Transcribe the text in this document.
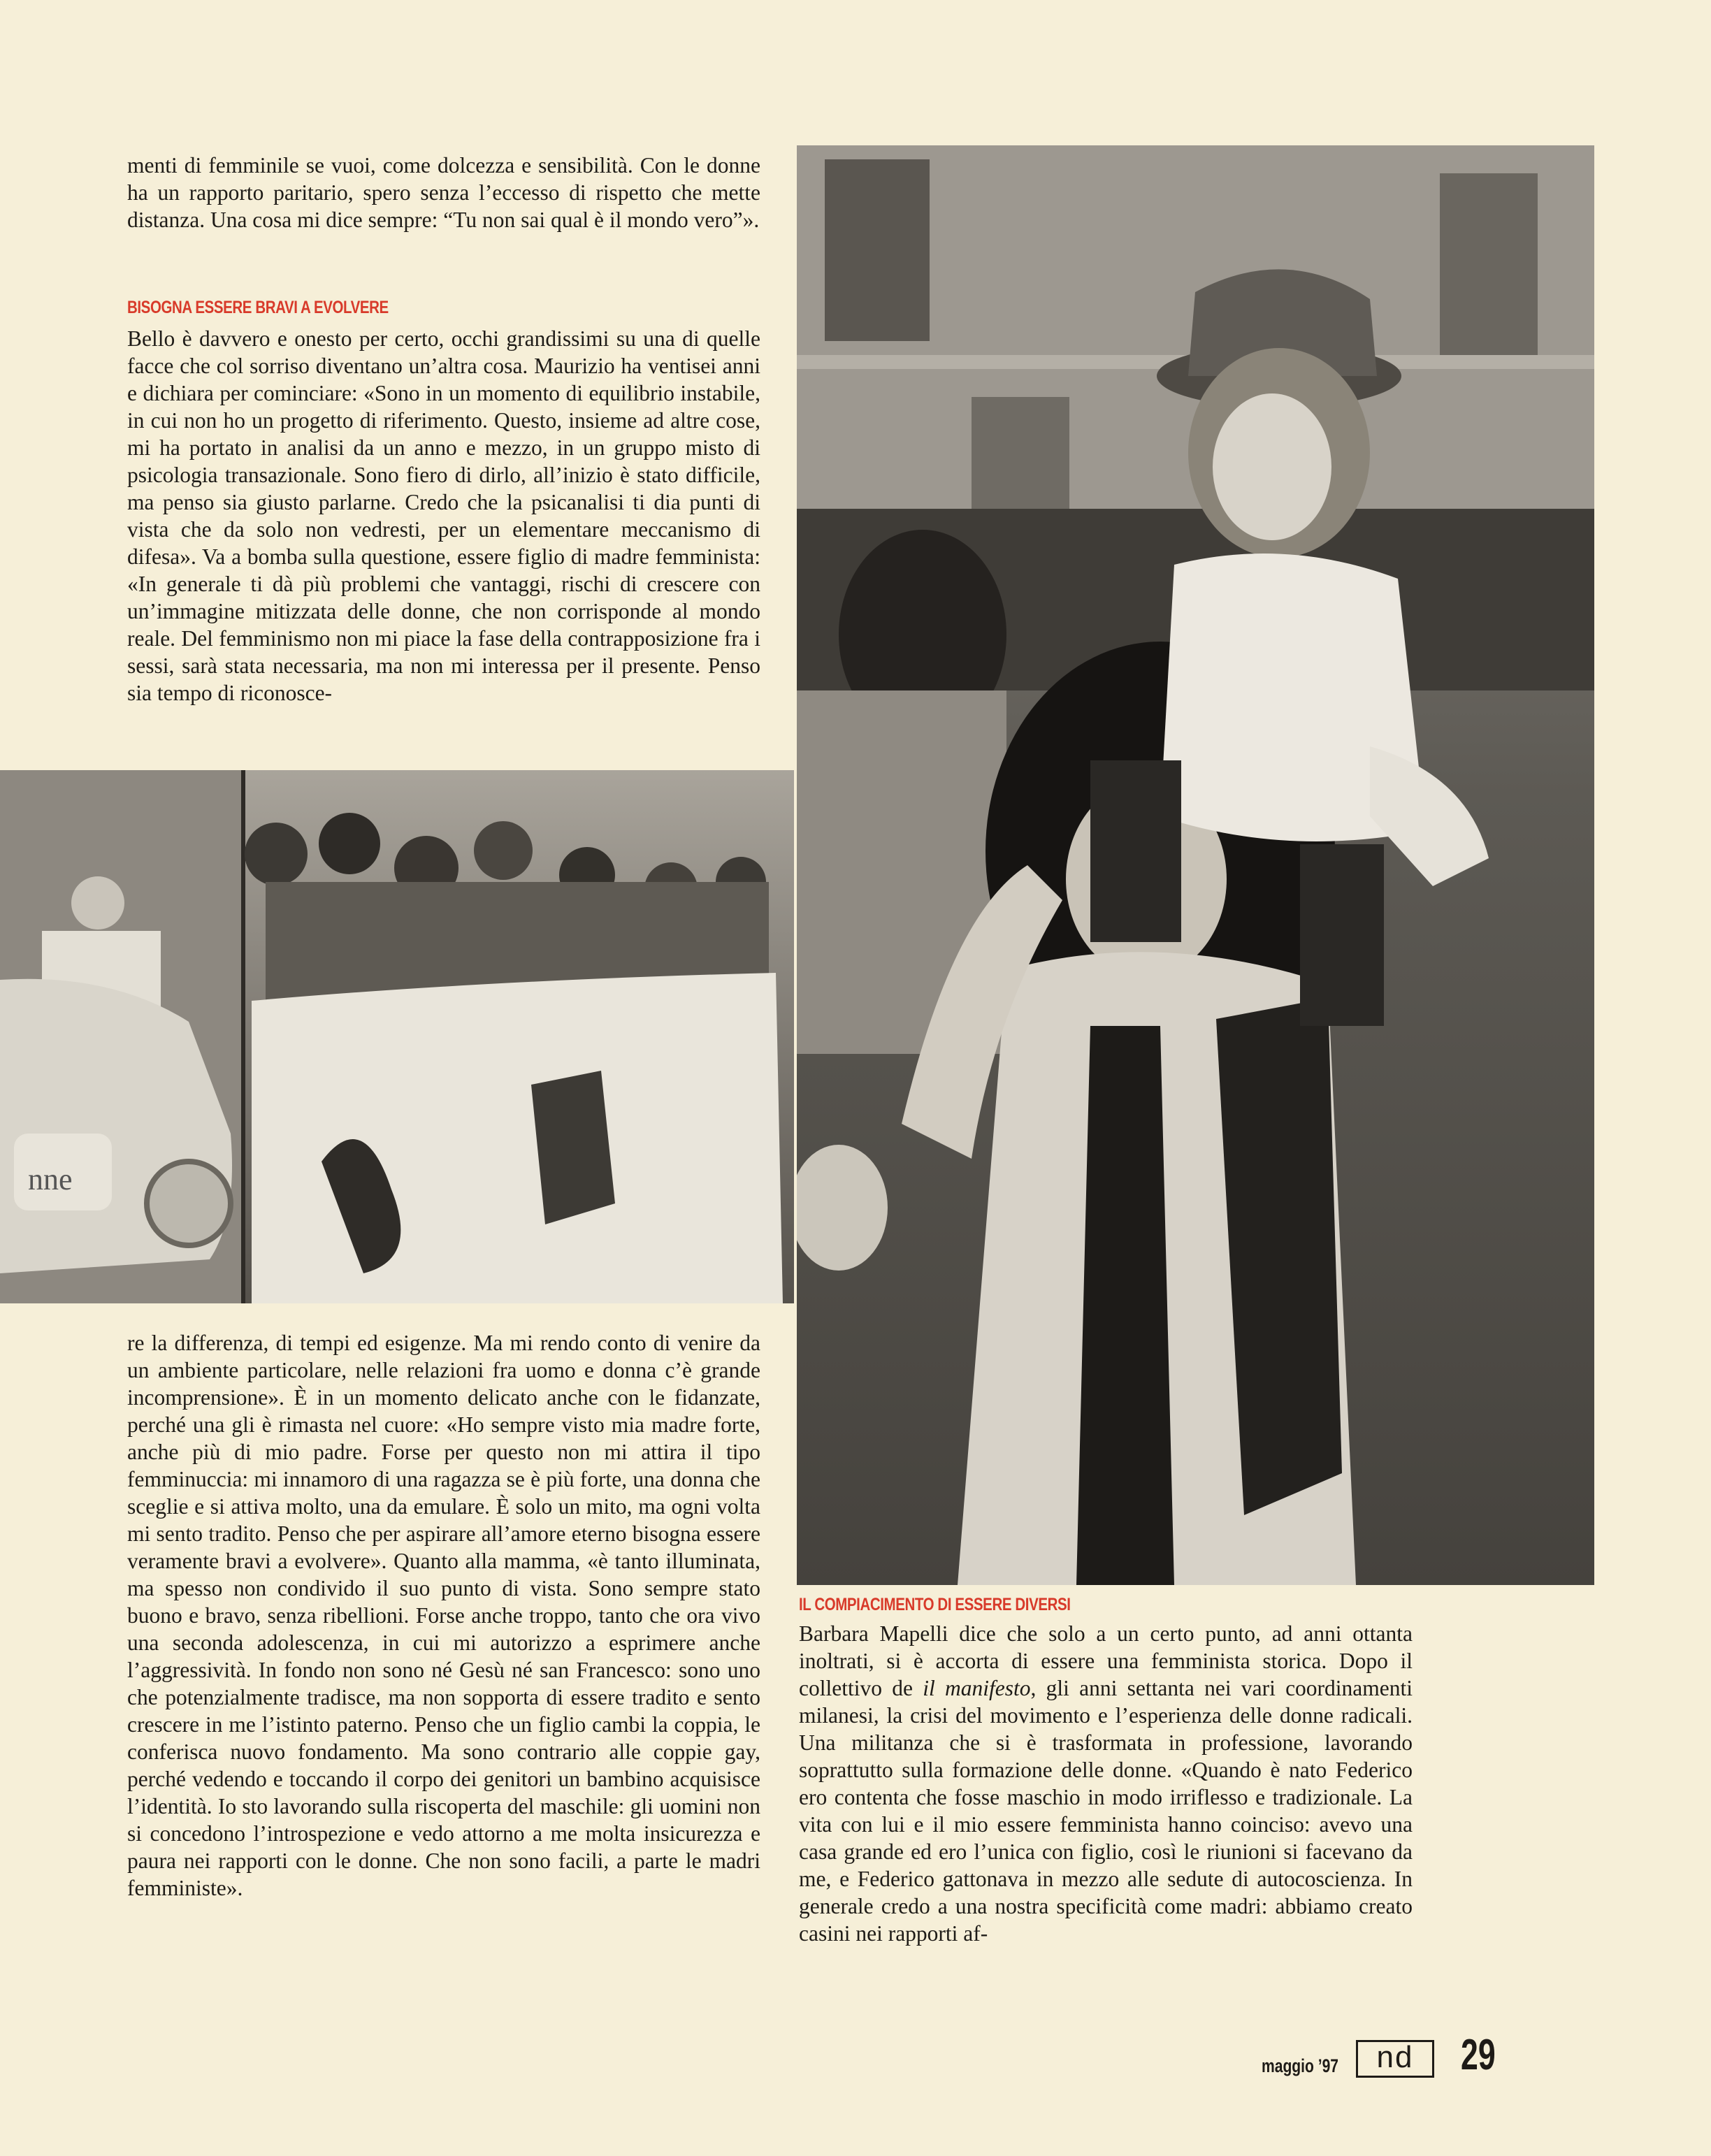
menti di femminile se vuoi, come dolcezza e sensibilità. Con le donne ha un rapporto paritario, spero senza l’eccesso di rispetto che mette distanza. Una cosa mi dice sempre: “Tu non sai qual è il mondo vero”».

BISOGNA ESSERE BRAVI A EVOLVERE

Bello è davvero e onesto per certo, occhi grandissimi su una di quelle facce che col sorriso diventano un’altra cosa. Maurizio ha ventisei anni e dichiara per cominciare: «Sono in un momento di equilibrio instabile, in cui non ho un progetto di riferimento. Questo, insieme ad altre cose, mi ha portato in analisi da un anno e mezzo, in un gruppo misto di psicologia transazionale. Sono fiero di dirlo, all’inizio è stato difficile, ma penso sia giusto parlarne. Credo che la psicanalisi ti dia punti di vista che da solo non vedresti, per un elementare meccanismo di difesa». Va a bomba sulla questione, essere figlio di madre femminista: «In generale ti dà più problemi che vantaggi, rischi di crescere con un’immagine mitizzata delle donne, che non corrisponde al mondo reale. Del femminismo non mi piace la fase della contrapposizione fra i sessi, sarà stata necessaria, ma non mi interessa per il presente. Penso sia tempo di riconosce-

nne

re la differenza, di tempi ed esigenze. Ma mi rendo conto di venire da un ambiente particolare, nelle relazioni fra uomo e donna c’è grande incomprensione». È in un momento delicato anche con le fidanzate, perché una gli è rimasta nel cuore: «Ho sempre visto mia madre forte, anche più di mio padre. Forse per questo non mi attira il tipo femminuccia: mi innamoro di una ragazza se è più forte, una donna che sceglie e si attiva molto, una da emulare. È solo un mito, ma ogni volta mi sento tradito. Penso che per aspirare all’amore eterno bisogna essere veramente bravi a evolvere». Quanto alla mamma, «è tanto illuminata, ma spesso non condivido il suo punto di vista. Sono sempre stato buono e bravo, senza ribellioni. Forse anche troppo, tanto che ora vivo una seconda adolescenza, in cui mi autorizzo a esprimere anche l’aggressività. In fondo non sono né Gesù né san Francesco: sono uno che potenzialmente tradisce, ma non sopporta di essere tradito e sento crescere in me l’istinto paterno. Penso che un figlio cambi la coppia, le conferisca nuovo fondamento. Ma sono contrario alle coppie gay, perché vedendo e toccando il corpo dei genitori un bambino acquisisce l’identità. Io sto lavorando sulla riscoperta del maschile: gli uomini non si concedono l’introspezione e vedo attorno a me molta insicurezza e paura nei rapporti con le donne. Che non sono facili, a parte le madri femministe».

IL COMPIACIMENTO DI ESSERE DIVERSI

Barbara Mapelli dice che solo a un certo punto, ad anni ottanta inoltrati, si è accorta di essere una femminista storica. Dopo il collettivo de il manifesto, gli anni settanta nei vari coordinamenti milanesi, la crisi del movimento e l’esperienza delle donne radicali. Una militanza che si è trasformata in professione, lavorando soprattutto sulla formazione delle donne. «Quando è nato Federico ero contenta che fosse maschio in modo irriflesso e tradizionale. La vita con lui e il mio essere femminista hanno coinciso: avevo una casa grande ed ero l’unica con figlio, così le riunioni si facevano da me, e Federico gattonava in mezzo alle sedute di autocoscienza. In generale credo a una nostra specificità come madri: abbiamo creato casini nei rapporti af-

maggio ’97	nd	29
